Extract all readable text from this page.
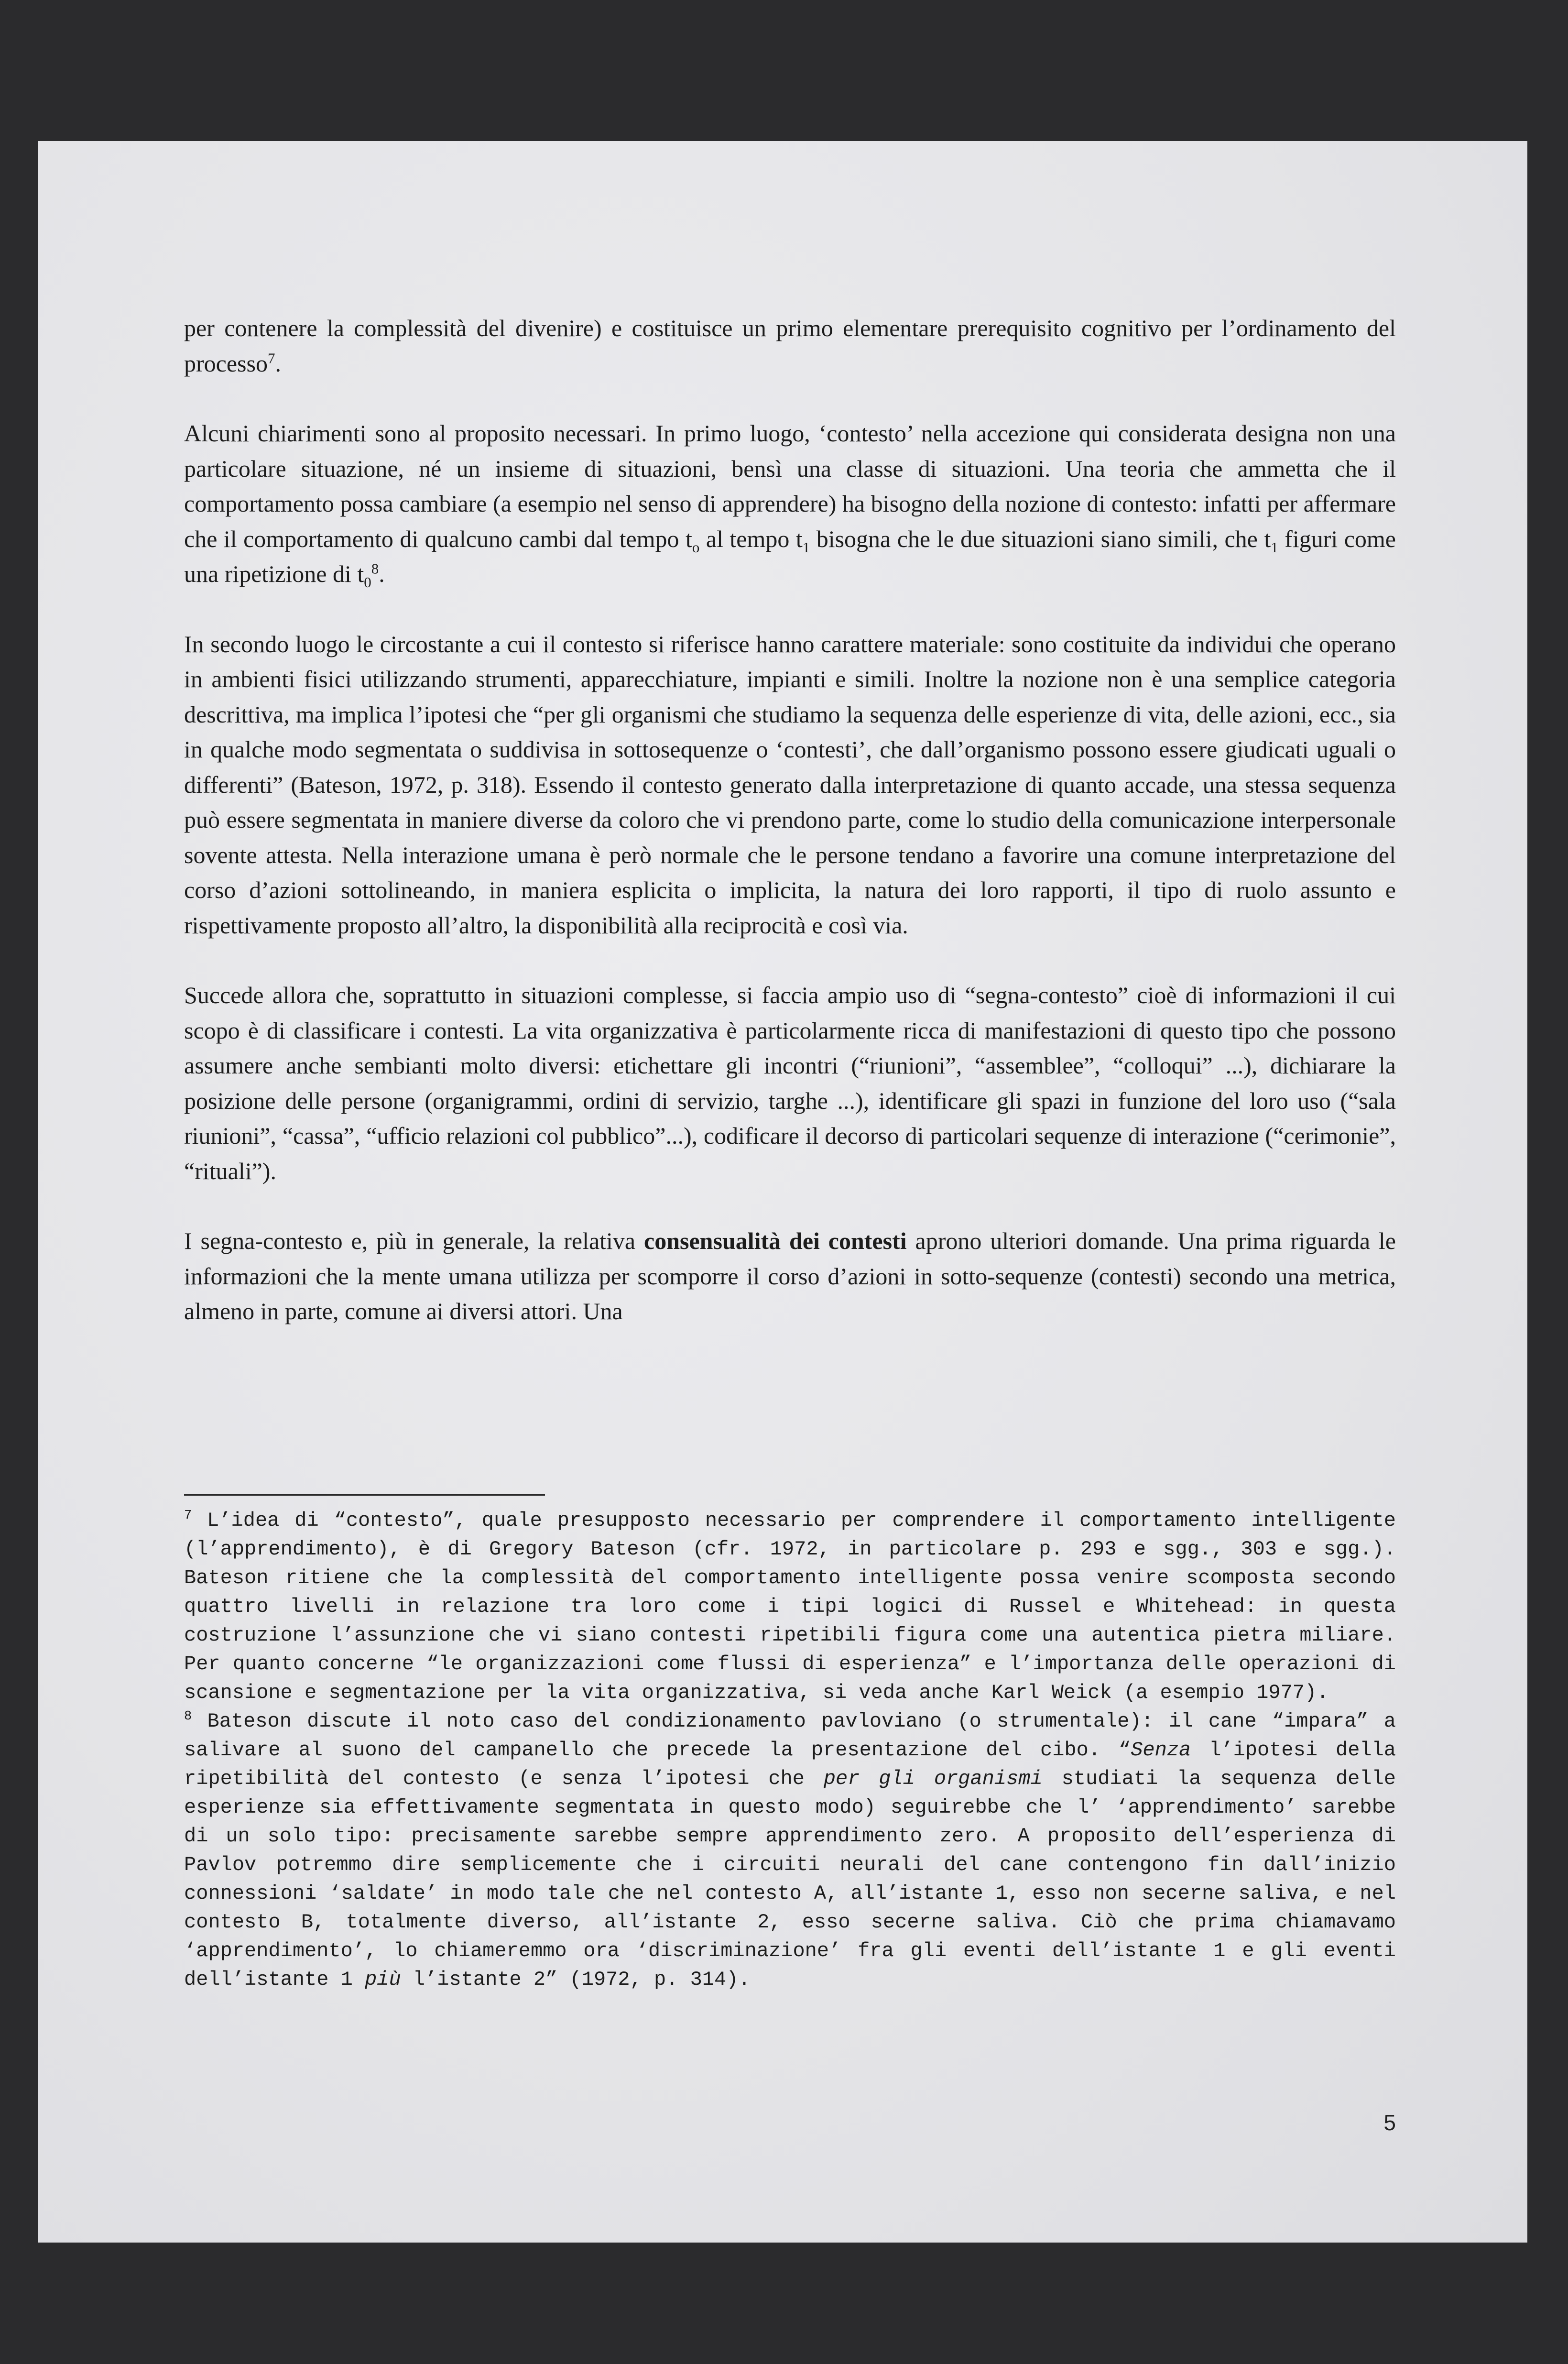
per contenere la complessità del divenire) e costituisce un primo elementare prerequisito cognitivo per l’ordinamento del processo$^7$.

Alcuni chiarimenti sono al proposito necessari. In primo luogo, ‘contesto’ nella accezione qui considerata designa non una particolare situazione, né un insieme di situazioni, bensì una classe di situazioni. Una teoria che ammetta che il comportamento possa cambiare (a esempio nel senso di apprendere) ha bisogno della nozione di contesto: infatti per affermare che il comportamento di qualcuno cambi dal tempo $t_o$ al tempo $t_1$ bisogna che le due situazioni siano simili, che $t_1$ figuri come una ripetizione di $t_0^8$.

In secondo luogo le circostante a cui il contesto si riferisce hanno carattere materiale: sono costituite da individui che operano in ambienti fisici utilizzando strumenti, apparecchiature, impianti e simili. Inoltre la nozione non è una semplice categoria descrittiva, ma implica l’ipotesi che “per gli organismi che studiamo la sequenza delle esperienze di vita, delle azioni, ecc., sia in qualche modo segmentata o suddivisa in sottosequenze o ‘contesti’, che dall’organismo possono essere giudicati uguali o differenti” (Bateson, 1972, p. 318). Essendo il contesto generato dalla interpretazione di quanto accade, una stessa sequenza può essere segmentata in maniere diverse da coloro che vi prendono parte, come lo studio della comunicazione interpersonale sovente attesta. Nella interazione umana è però normale che le persone tendano a favorire una comune interpretazione del corso d’azioni sottolineando, in maniera esplicita o implicita, la natura dei loro rapporti, il tipo di ruolo assunto e rispettivamente proposto all’altro, la disponibilità alla reciprocità e così via.

Succede allora che, soprattutto in situazioni complesse, si faccia ampio uso di “segna-contesto” cioè di informazioni il cui scopo è di classificare i contesti. La vita organizzativa è particolarmente ricca di manifestazioni di questo tipo che possono assumere anche sembianti molto diversi: etichettare gli incontri (“riunioni”, “assemblee”, “colloqui” ...), dichiarare la posizione delle persone (organigrammi, ordini di servizio, targhe ...), identificare gli spazi in funzione del loro uso (“sala riunioni”, “cassa”, “ufficio relazioni col pubblico”...), codificare il decorso di particolari sequenze di interazione (“cerimonie”, “rituali”).

I segna-contesto e, più in generale, la relativa consensualità dei contesti aprono ulteriori domande. Una prima riguarda le informazioni che la mente umana utilizza per scomporre il corso d’azioni in sotto-sequenze (contesti) secondo una metrica, almeno in parte, comune ai diversi attori. Una

$^7$ L’idea di “contesto”, quale presupposto necessario per comprendere il comportamento intelligente (l’apprendimento), è di Gregory Bateson (cfr. 1972, in particolare p. 293 e sgg., 303 e sgg.). Bateson ritiene che la complessità del comportamento intelligente possa venire scomposta secondo quattro livelli in relazione tra loro come i tipi logici di Russel e Whitehead: in questa costruzione l’assunzione che vi siano contesti ripetibili figura come una autentica pietra miliare. Per quanto concerne “le organizzazioni come flussi di esperienza” e l’importanza delle operazioni di scansione e segmentazione per la vita organizzativa, si veda anche Karl Weick (a esempio 1977).

$^8$ Bateson discute il noto caso del condizionamento pavloviano (o strumentale): il cane “impara” a salivare al suono del campanello che precede la presentazione del cibo. “Senza l’ipotesi della ripetibilità del contesto (e senza l’ipotesi che per gli organismi studiati la sequenza delle esperienze sia effettivamente segmentata in questo modo) seguirebbe che l’ ‘apprendimento’ sarebbe di un solo tipo: precisamente sarebbe sempre apprendimento zero. A proposito dell’esperienza di Pavlov potremmo dire semplicemente che i circuiti neurali del cane contengono fin dall’inizio connessioni ‘saldate’ in modo tale che nel contesto A, all’istante 1, esso non secerne saliva, e nel contesto B, totalmente diverso, all’istante 2, esso secerne saliva. Ciò che prima chiamavamo ‘apprendimento’, lo chiameremmo ora ‘discriminazione’ fra gli eventi dell’istante 1 e gli eventi dell’istante 1 più l’istante 2” (1972, p. 314).

5
